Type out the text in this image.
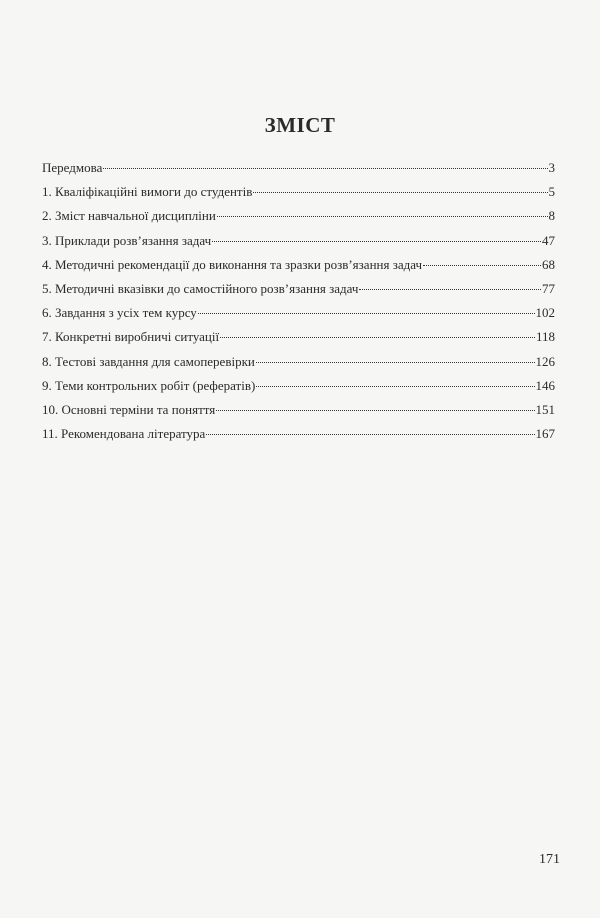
ЗМІСТ
Передмова	3
1. Кваліфікаційні вимоги до студентів	5
2. Зміст навчальної дисципліни	8
3. Приклади розв’язання задач	47
4. Методичні рекомендації до виконання та зразки розв’язання задач	68
5. Методичні вказівки до самостійного розв’язання задач	77
6. Завдання з усіх тем курсу	102
7. Конкретні виробничі ситуації	118
8. Тестові завдання для самоперевірки	126
9. Теми контрольних робіт (рефератів)	146
10. Основні терміни та поняття	151
11. Рекомендована література	167
171
